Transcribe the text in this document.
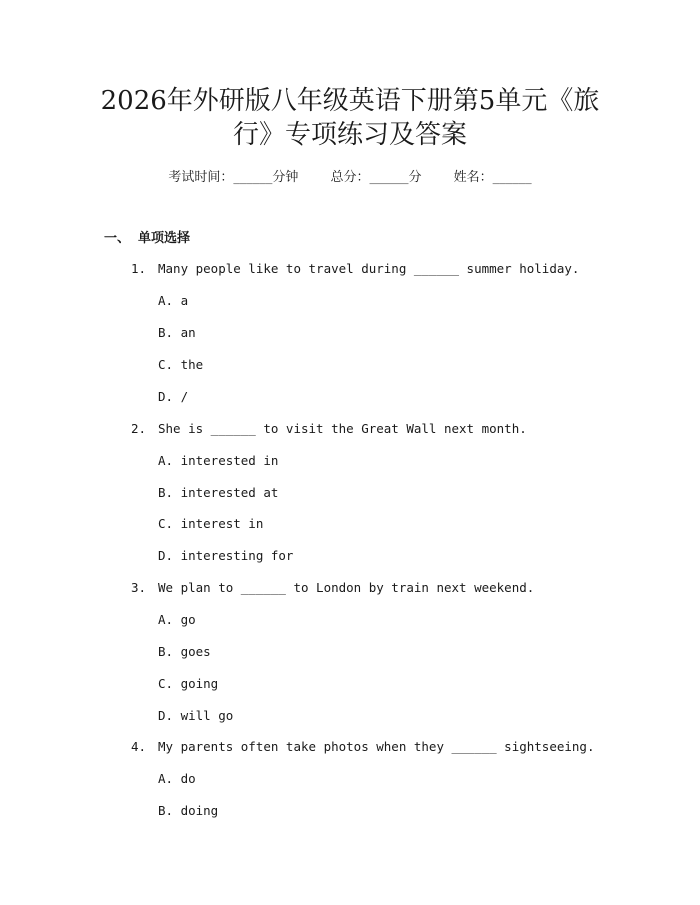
2026年外研版八年级英语下册第5单元《旅
行》专项练习及答案
考试时间：______分钟 总分：______分 姓名：______
一、 单项选择
1. Many people like to travel during ______ summer holiday.
A. a
B. an
C. the
D. /
2. She is ______ to visit the Great Wall next month.
A. interested in
B. interested at
C. interest in
D. interesting for
3. We plan to ______ to London by train next weekend.
A. go
B. goes
C. going
D. will go
4. My parents often take photos when they ______ sightseeing.
A. do
B. doing
